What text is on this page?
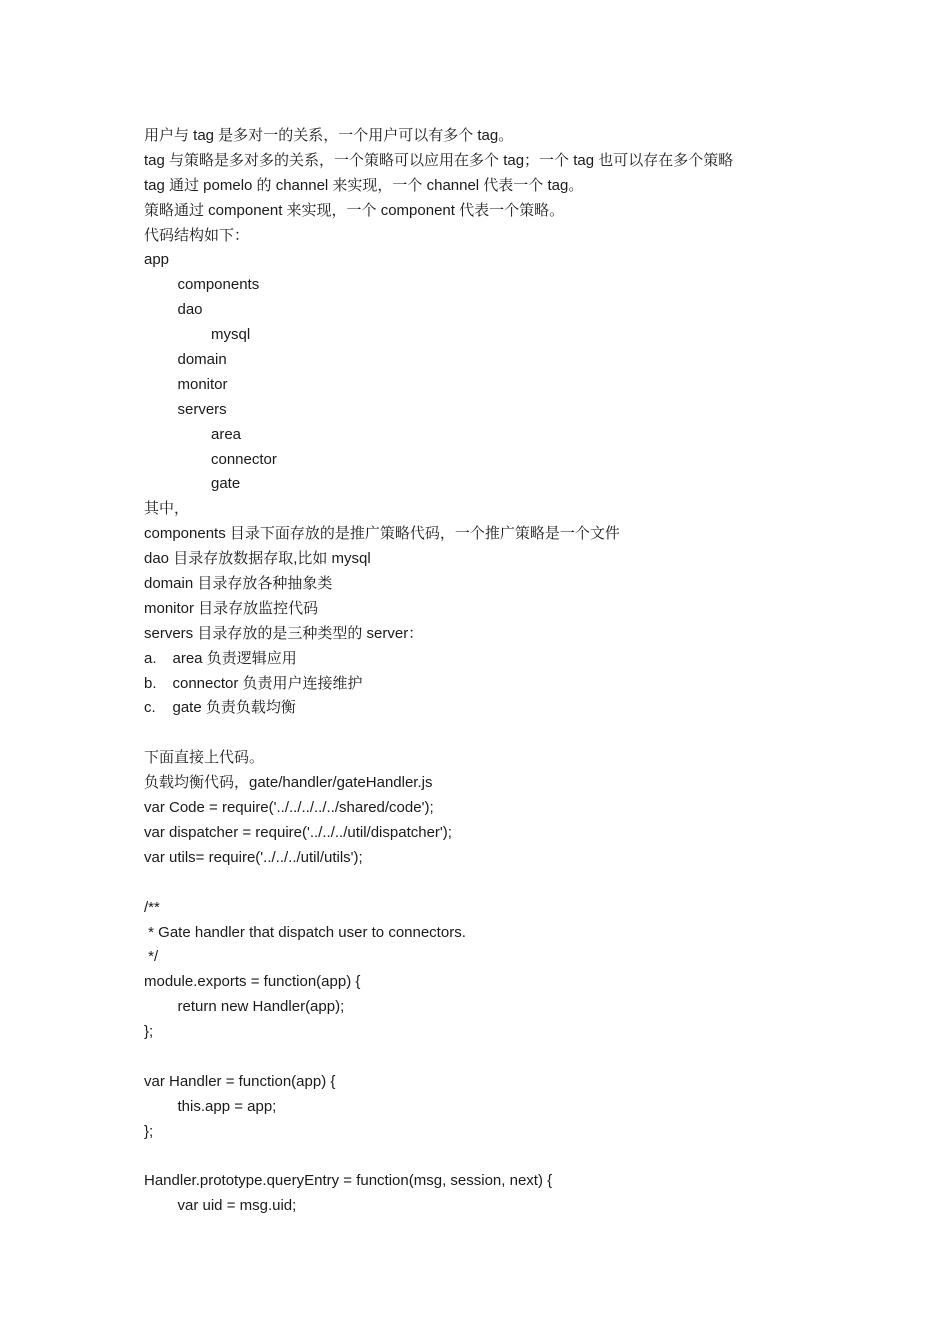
用户与 tag 是多对一的关系，一个用户可以有多个 tag。
tag 与策略是多对多的关系，一个策略可以应用在多个 tag；一个 tag 也可以存在多个策略
tag 通过 pomelo 的 channel 来实现，一个 channel 代表一个 tag。
策略通过 component 来实现，一个 component 代表一个策略。
代码结构如下：
app
components
dao
mysql
domain
monitor
servers
area
connector
gate
其中，
components 目录下面存放的是推广策略代码，一个推广策略是一个文件
dao 目录存放数据存取,比如 mysql
domain 目录存放各种抽象类
monitor 目录存放监控代码
servers 目录存放的是三种类型的 server：
a.	area 负责逻辑应用
b.	connector 负责用户连接维护
c.	gate 负责负载均衡
下面直接上代码。
负载均衡代码，gate/handler/gateHandler.js
var Code = require('../../../../../shared/code');
var dispatcher = require('../../../util/dispatcher');
var utils= require('../../../util/utils');
/**
* Gate handler that dispatch user to connectors.
*/
module.exports = function(app) {
return new Handler(app);
};
var Handler = function(app) {
this.app = app;
};
Handler.prototype.queryEntry = function(msg, session, next) {
var uid = msg.uid;
